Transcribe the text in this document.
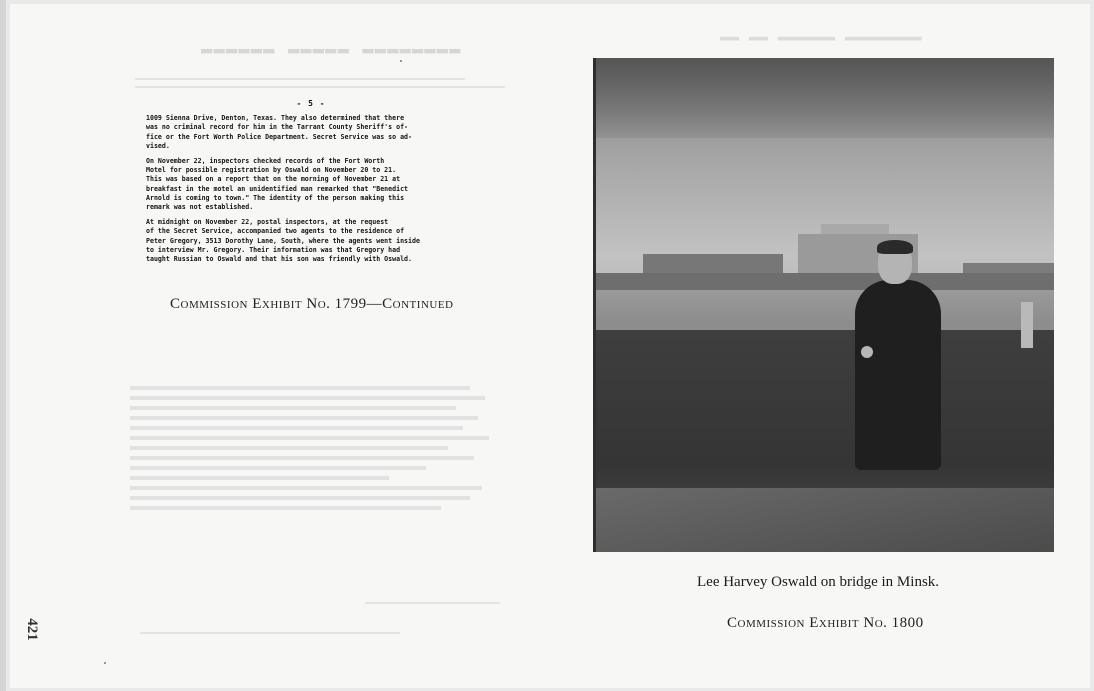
▬▬▬▬▬▬▬▬ ▬▬▬▬▬ ▬▬▬▬▬▬
▬▬▬▬▬▬▬▬ ▬▬▬▬▬▬ ▬▬ ▬▬
- 5 -

1009 Sienna Drive, Denton, Texas. They also determined that there
was no criminal record for him in the Tarrant County Sheriff's of-
fice or the Fort Worth Police Department. Secret Service was so ad-
vised.

On November 22, inspectors checked records of the Fort Worth
Motel for possible registration by Oswald on November 20 to 21.
This was based on a report that on the morning of November 21 at
breakfast in the motel an unidentified man remarked that "Benedict
Arnold is coming to town." The identity of the person making this
remark was not established.

At midnight on November 22, postal inspectors, at the request
of the Secret Service, accompanied two agents to the residence of
Peter Gregory, 3513 Dorothy Lane, South, where the agents went inside
to interview Mr. Gregory. Their information was that Gregory had
taught Russian to Oswald and that his son was friendly with Oswald.

Commission Exhibit No. 1799—Continued
Lee Harvey Oswald on bridge in Minsk.
Commission Exhibit No. 1800
421
